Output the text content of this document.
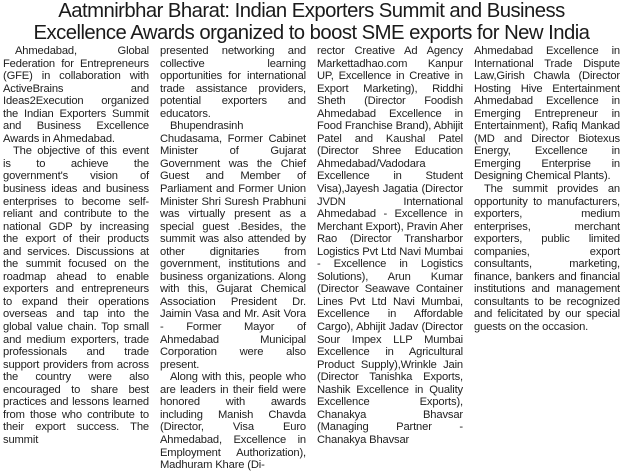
Aatmnirbhar Bharat: Indian Exporters Summit and Business
Excellence Awards organized to boost SME exports for New India

Ahmedabad, Global Federation for Entrepreneurs (GFE) in collaboration with ActiveBrains and Ideas2Execution organized the Indian Exporters Summit and Business Excellence Awards in Ahmedabad.

The objective of this event is to achieve the government's vision of business ideas and business enterprises to become self-reliant and contribute to the national GDP by increasing the export of their products and services. Discussions at the summit focused on the roadmap ahead to enable exporters and entrepreneurs to expand their operations overseas and tap into the global value chain. Top small and medium exporters, trade professionals and trade support providers from across the country were also encouraged to share best practices and lessons learned from those who contribute to their export success. The summit

presented networking and collective learning opportunities for international trade assistance providers, potential exporters and educators.

Bhupendrasinh Chudasama, Former Cabinet Minister of Gujarat Government was the Chief Guest and Member of Parliament and Former Union Minister Shri Suresh Prabhuni was virtually present as a special guest .Besides, the summit was also attended by other dignitaries from government, institutions and business organizations. Along with this, Gujarat Chemical Association President Dr. Jaimin Vasa and Mr. Asit Vora - Former Mayor of Ahmedabad Municipal Corporation were also present.

Along with this, people who are leaders in their field were honored with awards including Manish Chavda (Director, Visa Euro Ahmedabad, Excellence in Employment Authorization), Madhuram Khare (Di-

rector Creative Ad Agency Markettadhao.com Kanpur UP, Excellence in Creative in Export Marketing), Riddhi Sheth (Director Foodish Ahmedabad Excellence in Food Franchise Brand), Abhijit Patel and Kaushal Patel (Director Shree Education Ahmedabad/Vadodara Excellence in Student Visa),Jayesh Jagatia (Director JVDN International Ahmedabad - Excellence in Merchant Export), Pravin Aher Rao (Director Transharbor Logistics Pvt Ltd Navi Mumbai - Excellence in Logistics Solutions), Arun Kumar (Director Seawave Container Lines Pvt Ltd Navi Mumbai, Excellence in Affordable Cargo), Abhijit Jadav (Director Sour Impex LLP Mumbai Excellence in Agricultural Product Supply),Wrinkle Jain (Director Tanishka Exports, Nashik Excellence in Quality Excellence Exports), Chanakya Bhavsar (Managing Partner - Chanakya Bhavsar

Ahmedabad Excellence in International Trade Dispute Law,Girish Chawla (Director Hosting Hive Entertainment Ahmedabad Excellence in Emerging Entrepreneur in Entertainment), Rafiq Mankad (MD and Director Biotexus Energy, Excellence in Emerging Enterprise in Designing Chemical Plants).

The summit provides an opportunity to manufacturers, exporters, medium enterprises, merchant exporters, public limited companies, export consultants, marketing, finance, bankers and financial institutions and management consultants to be recognized and felicitated by our special guests on the occasion.
